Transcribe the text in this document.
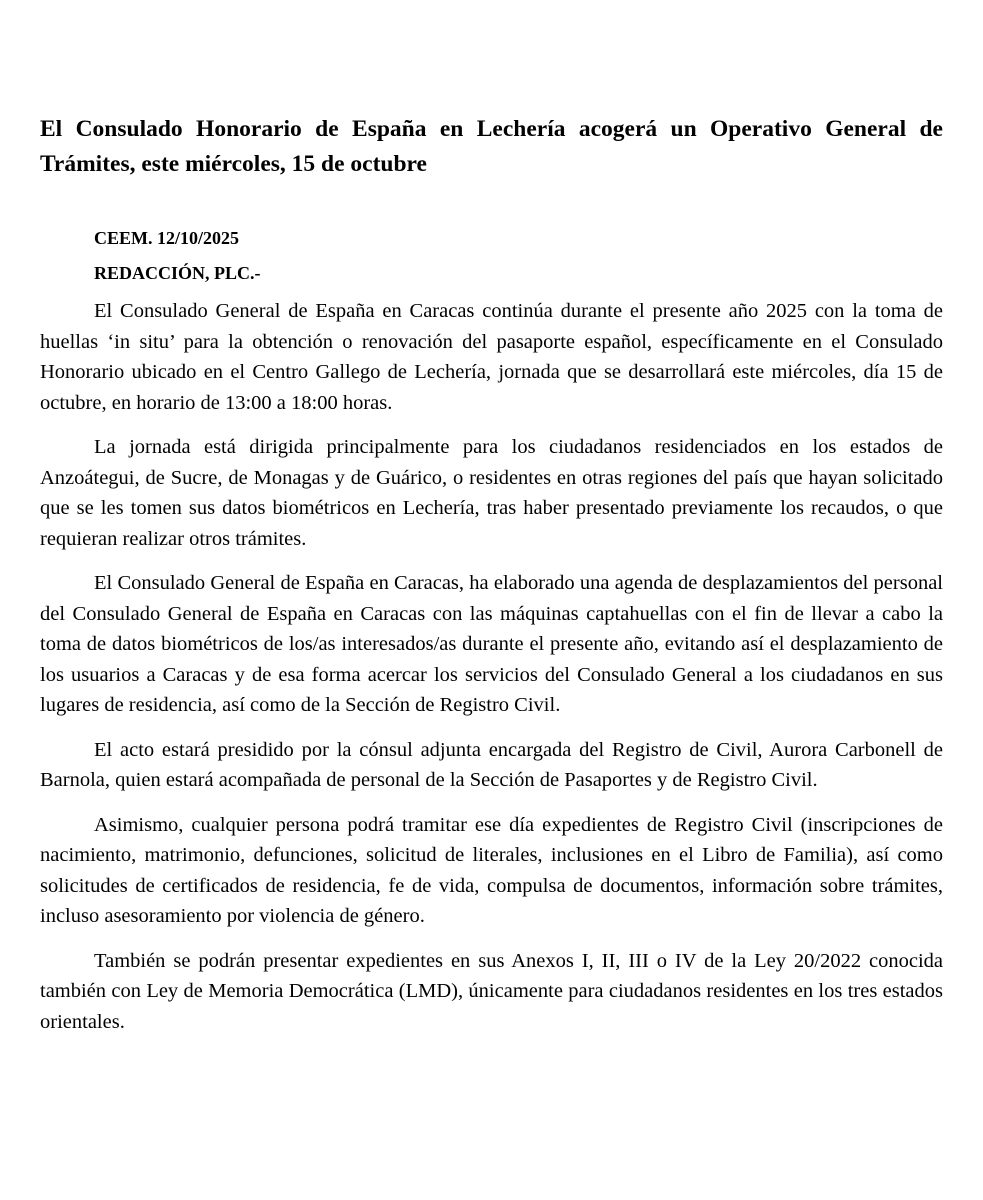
El Consulado Honorario de España en Lechería acogerá un Operativo General de Trámites, este miércoles, 15 de octubre
CEEM. 12/10/2025
REDACCIÓN, PLC.-

El Consulado General de España en Caracas continúa durante el presente año 2025 con la toma de huellas ‘in situ’ para la obtención o renovación del pasaporte español, específicamente en el Consulado Honorario ubicado en el Centro Gallego de Lechería, jornada que se desarrollará este miércoles, día 15 de octubre, en horario de 13:00 a 18:00 horas.

La jornada está dirigida principalmente para los ciudadanos residenciados en los estados de Anzoátegui, de Sucre, de Monagas y de Guárico, o residentes en otras regiones del país que hayan solicitado que se les tomen sus datos biométricos en Lechería, tras haber presentado previamente los recaudos, o que requieran realizar otros trámites.

El Consulado General de España en Caracas, ha elaborado una agenda de desplazamientos del personal del Consulado General de España en Caracas con las máquinas captahuellas con el fin de llevar a cabo la toma de datos biométricos de los/as interesados/as durante el presente año, evitando así el desplazamiento de los usuarios a Caracas y de esa forma acercar los servicios del Consulado General a los ciudadanos en sus lugares de residencia, así como de la Sección de Registro Civil.

El acto estará presidido por la cónsul adjunta encargada del Registro de Civil, Aurora Carbonell de Barnola, quien estará acompañada de personal de la Sección de Pasaportes y de Registro Civil.

Asimismo, cualquier persona podrá tramitar ese día expedientes de Registro Civil (inscripciones de nacimiento, matrimonio, defunciones, solicitud de literales, inclusiones en el Libro de Familia), así como solicitudes de certificados de residencia, fe de vida, compulsa de documentos, información sobre trámites, incluso asesoramiento por violencia de género.

También se podrán presentar expedientes en sus Anexos I, II, III o IV de la Ley 20/2022 conocida también con Ley de Memoria Democrática (LMD), únicamente para ciudadanos residentes en los tres estados orientales.
